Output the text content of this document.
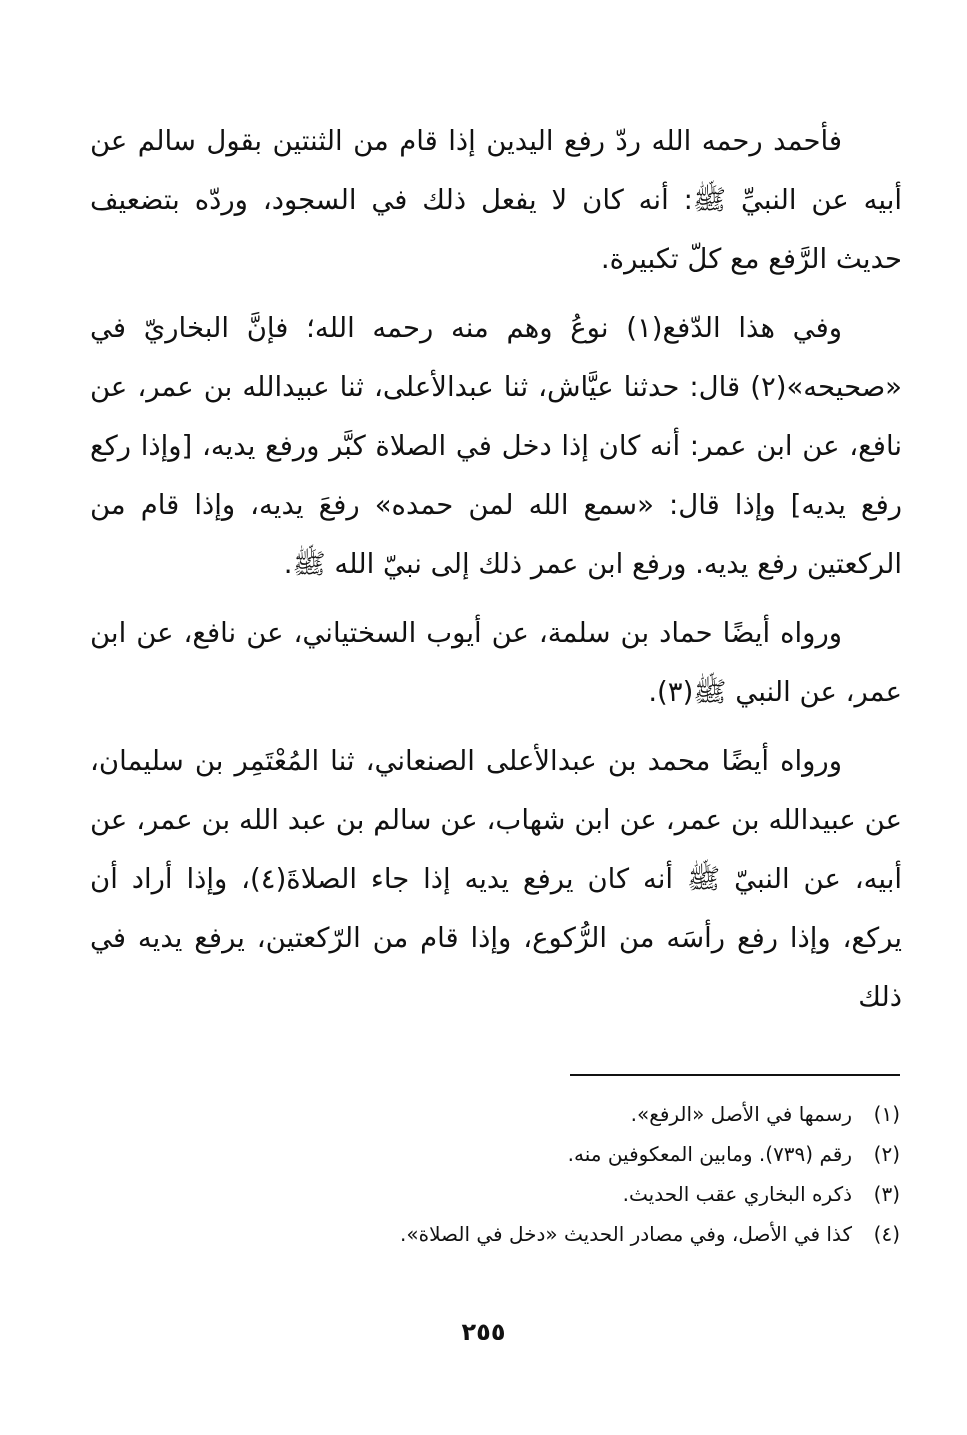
فأحمد رحمه الله ردّ رفع اليدين إذا قام من الثنتين بقول سالم عن أبيه عن النبيِّ ﷺ: أنه كان لا يفعل ذلك في السجود، وردّه بتضعيف حديث الرَّفع مع كلّ تكبيرة.

وفي هذا الدّفع(١) نوعُ وهم منه رحمه الله؛ فإنَّ البخاريّ في «صحيحه»(٢) قال: حدثنا عيَّاش، ثنا عبدالأعلى، ثنا عبيدالله بن عمر، عن نافع، عن ابن عمر: أنه كان إذا دخل في الصلاة كبَّر ورفع يديه، [وإذا ركع رفع يديه] وإذا قال: «سمع الله لمن حمده» رفعَ يديه، وإذا قام من الركعتين رفع يديه. ورفع ابن عمر ذلك إلى نبيّ الله ﷺ.

ورواه أيضًا حماد بن سلمة، عن أيوب السختياني، عن نافع، عن ابن عمر، عن النبي ﷺ(٣).

ورواه أيضًا محمد بن عبدالأعلى الصنعاني، ثنا المُعْتَمِر بن سليمان، عن عبيدالله بن عمر، عن ابن شهاب، عن سالم بن عبد الله بن عمر، عن أبيه، عن النبيّ ﷺ أنه كان يرفع يديه إذا جاء الصلاةَ(٤)، وإذا أراد أن يركع، وإذا رفع رأسَه من الرُّكوع، وإذا قام من الرّكعتين، يرفع يديه في ذلك

(١)رسمها في الأصل «الرفع».

(٢)رقم (٧٣٩). ومابين المعكوفين منه.

(٣)ذكره البخاري عقب الحديث.

(٤)كذا في الأصل، وفي مصادر الحديث «دخل في الصلاة».

٢٥٥
